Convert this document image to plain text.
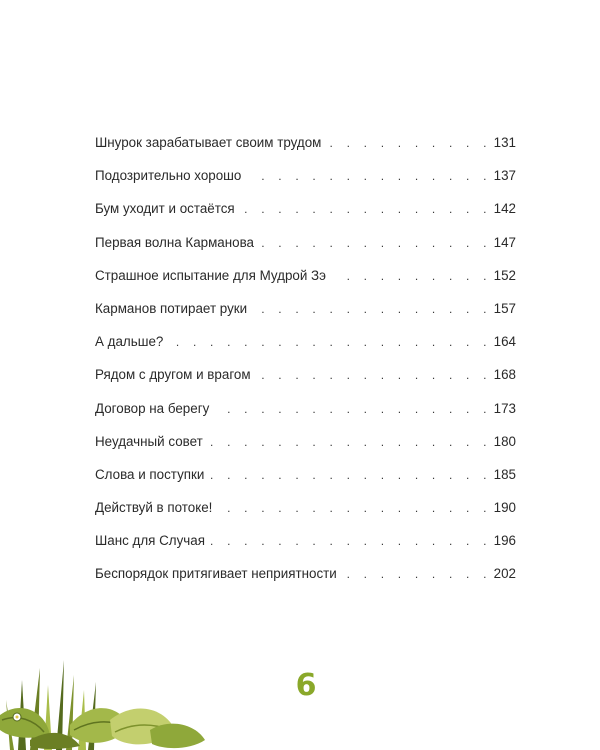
Шнурок зарабатывает своим трудом . . .	131
Подозрительно хорошо . . .	137
Бум уходит и остаётся . . .	142
Первая волна Карманова . . .	147
Страшное испытание для Мудрой Зэ . . .	152
Карманов потирает руки . . .	157
А дальше? . . .	164
Рядом с другом и врагом . . .	168
Договор на берегу . . .	173
Неудачный совет . . .	180
Слова и поступки . . .	185
Действуй в потоке! . . .	190
Шанс для Случая . . .	196
Беспорядок притягивает неприятности . . .	202
6
